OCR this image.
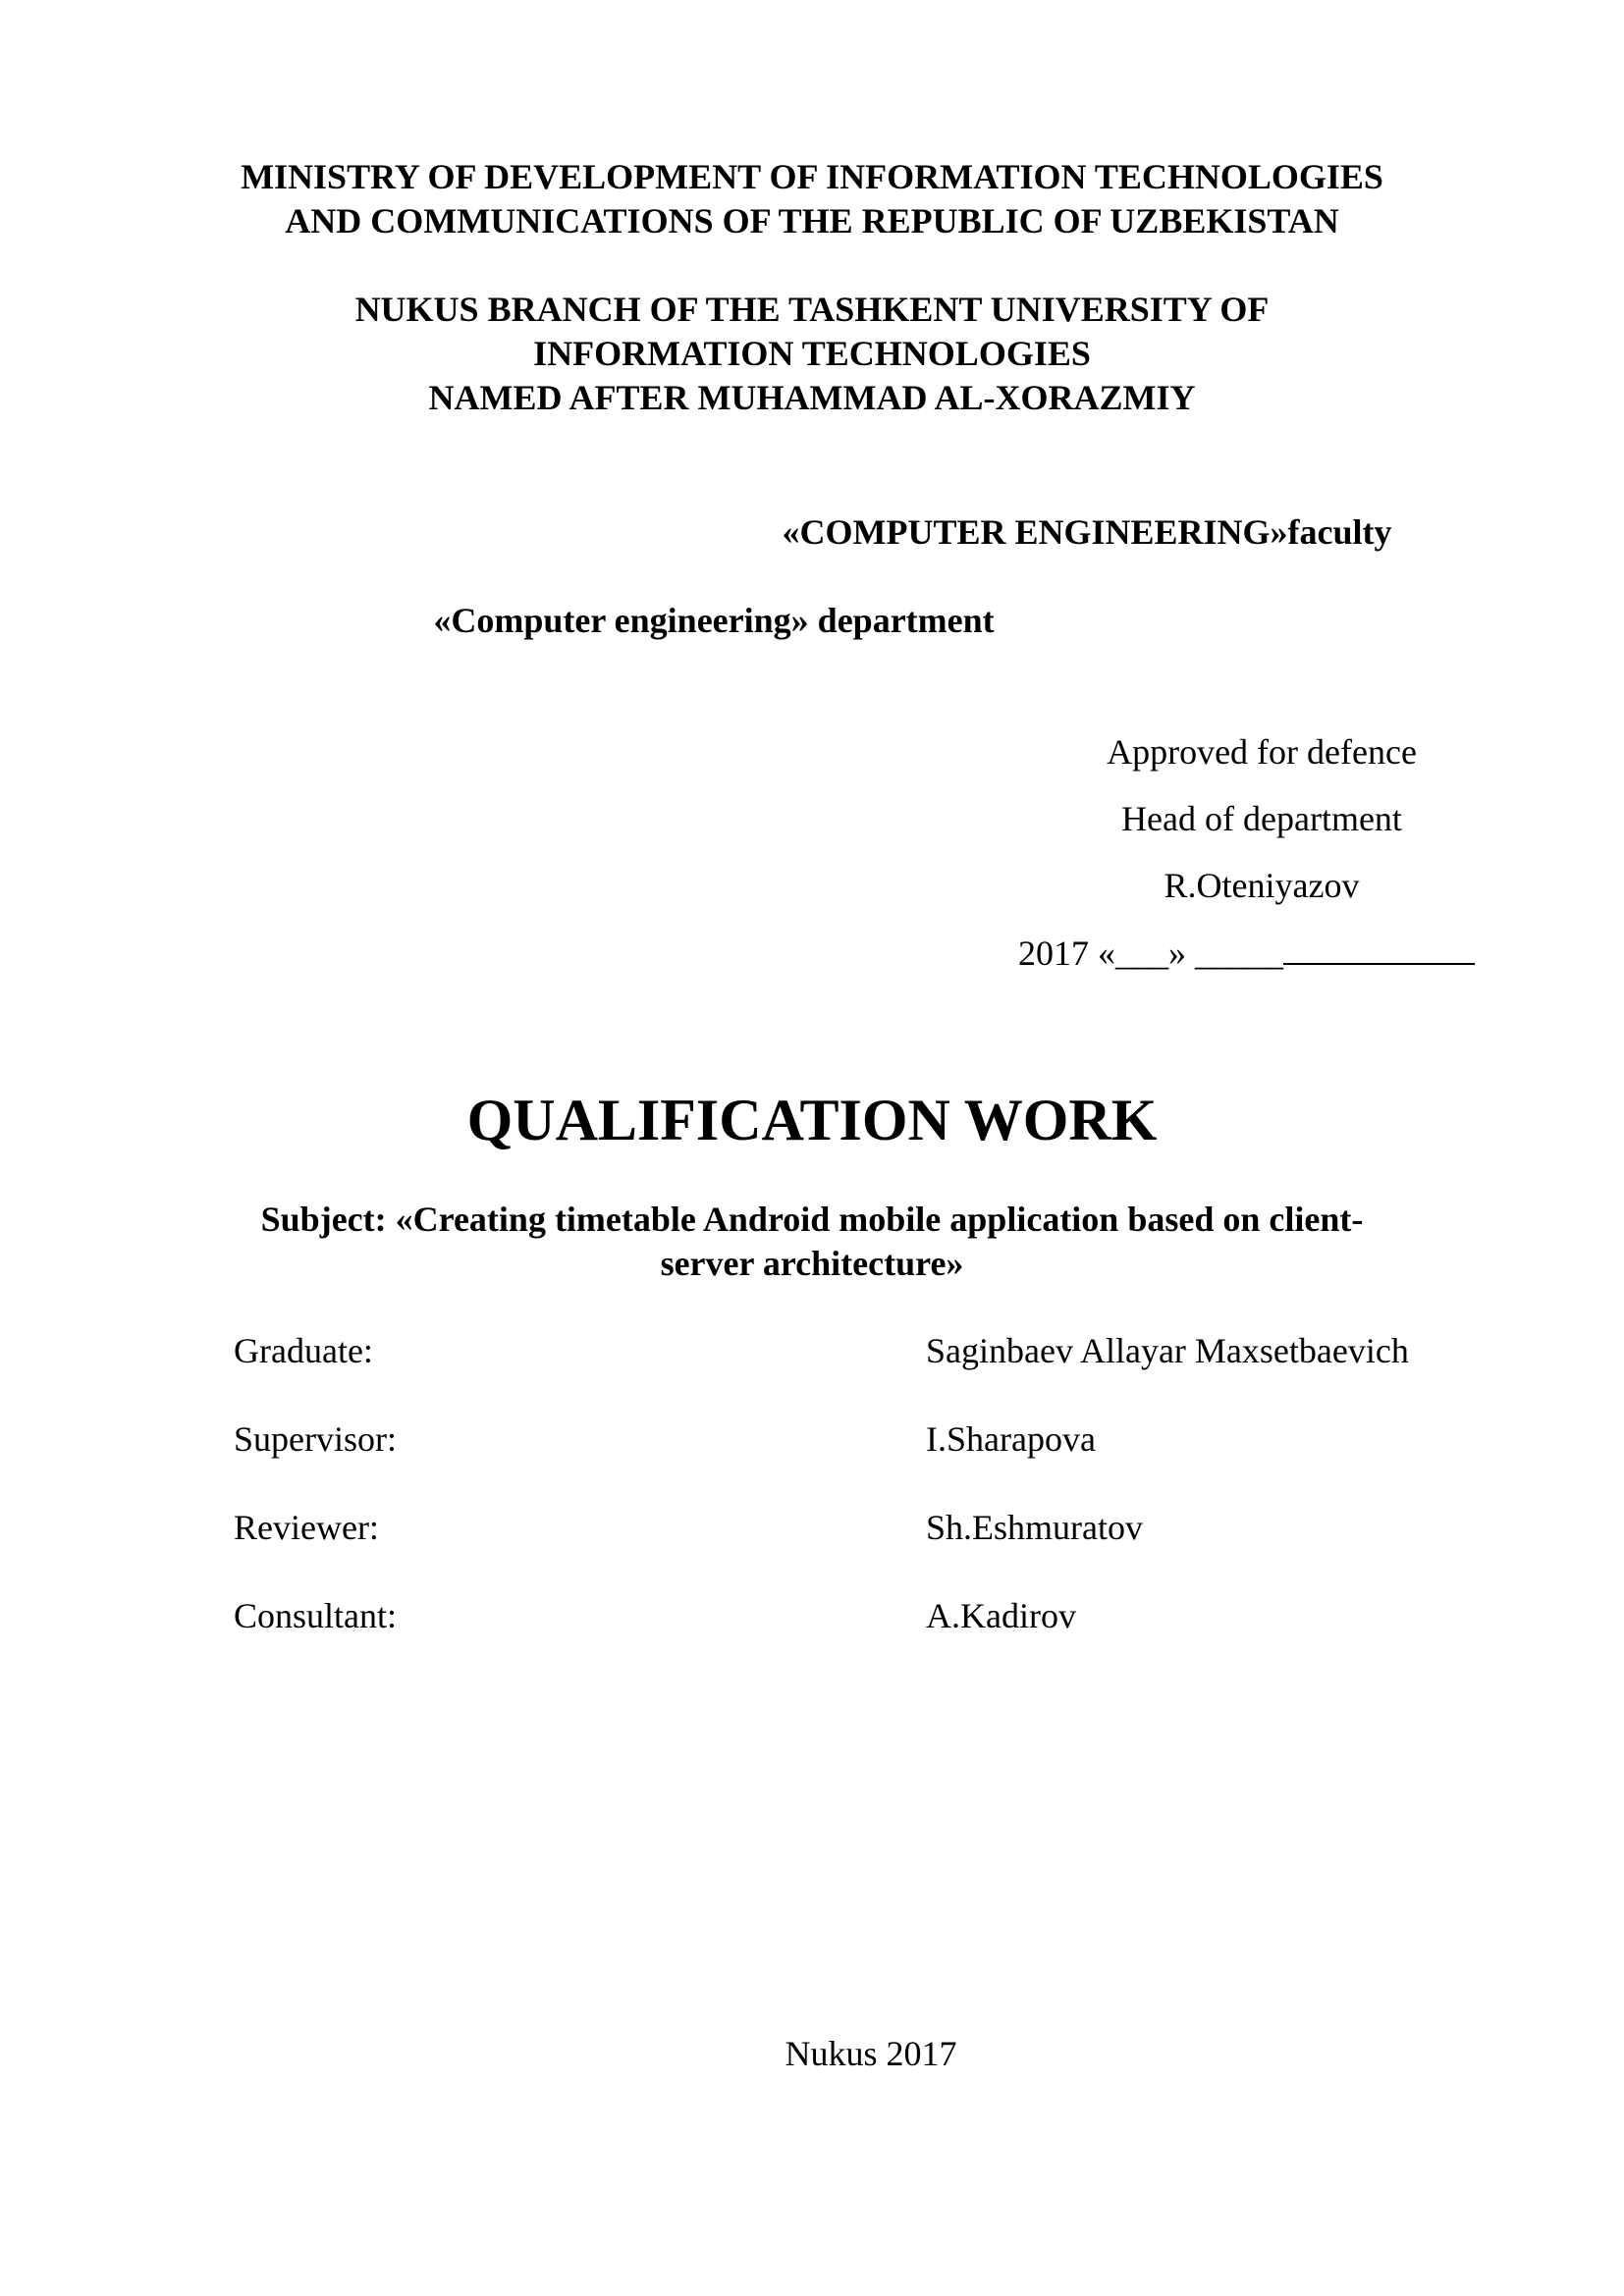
MINISTRY OF DEVELOPMENT OF INFORMATION TECHNOLOGIES
AND COMMUNICATIONS OF THE REPUBLIC OF UZBEKISTAN
NUKUS BRANCH OF THE TASHKENT UNIVERSITY OF
INFORMATION TECHNOLOGIES
NAMED AFTER MUHAMMAD AL-XORAZMIY
«COMPUTER ENGINEERING»faculty
«Computer engineering» department
Approved for defence
Head of department
R.Oteniyazov
2017 «___» _____
QUALIFICATION WORK
Subject: «Creating timetable Android mobile application based on client-
server architecture»
Graduate:	Saginbaev Allayar Maxsetbaevich
Supervisor:	I.Sharapova
Reviewer:	Sh.Eshmuratov
Consultant:	A.Kadirov
Nukus 2017
